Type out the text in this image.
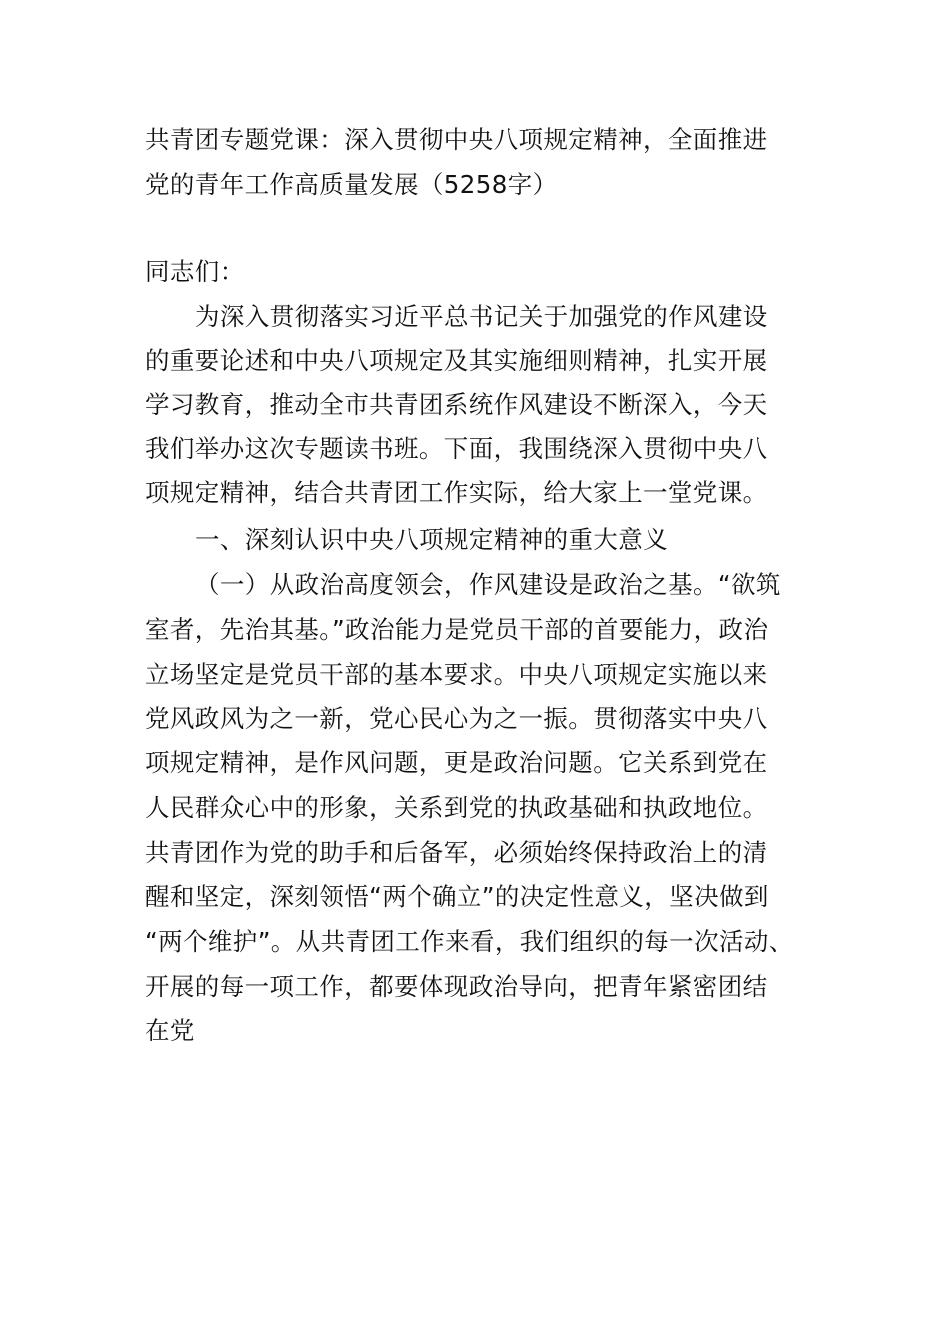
共青团专题党课：深入贯彻中央八项规定精神，全面推进
党的青年工作高质量发展（5258字）
同志们：
为深入贯彻落实习近平总书记关于加强党的作风建设
的重要论述和中央八项规定及其实施细则精神，扎实开展
学习教育，推动全市共青团系统作风建设不断深入，今天
我们举办这次专题读书班。下面，我围绕深入贯彻中央八
项规定精神，结合共青团工作实际，给大家上一堂党课。
一、深刻认识中央八项规定精神的重大意义
（一）从政治高度领会，作风建设是政治之基。“欲筑
室者，先治其基。”政治能力是党员干部的首要能力，政治
立场坚定是党员干部的基本要求。中央八项规定实施以来
党风政风为之一新，党心民心为之一振。贯彻落实中央八
项规定精神，是作风问题，更是政治问题。它关系到党在
人民群众心中的形象，关系到党的执政基础和执政地位。
共青团作为党的助手和后备军，必须始终保持政治上的清
醒和坚定，深刻领悟“两个确立”的决定性意义，坚决做到
“两个维护”。从共青团工作来看，我们组织的每一次活动、
开展的每一项工作，都要体现政治导向，把青年紧密团结
在党
